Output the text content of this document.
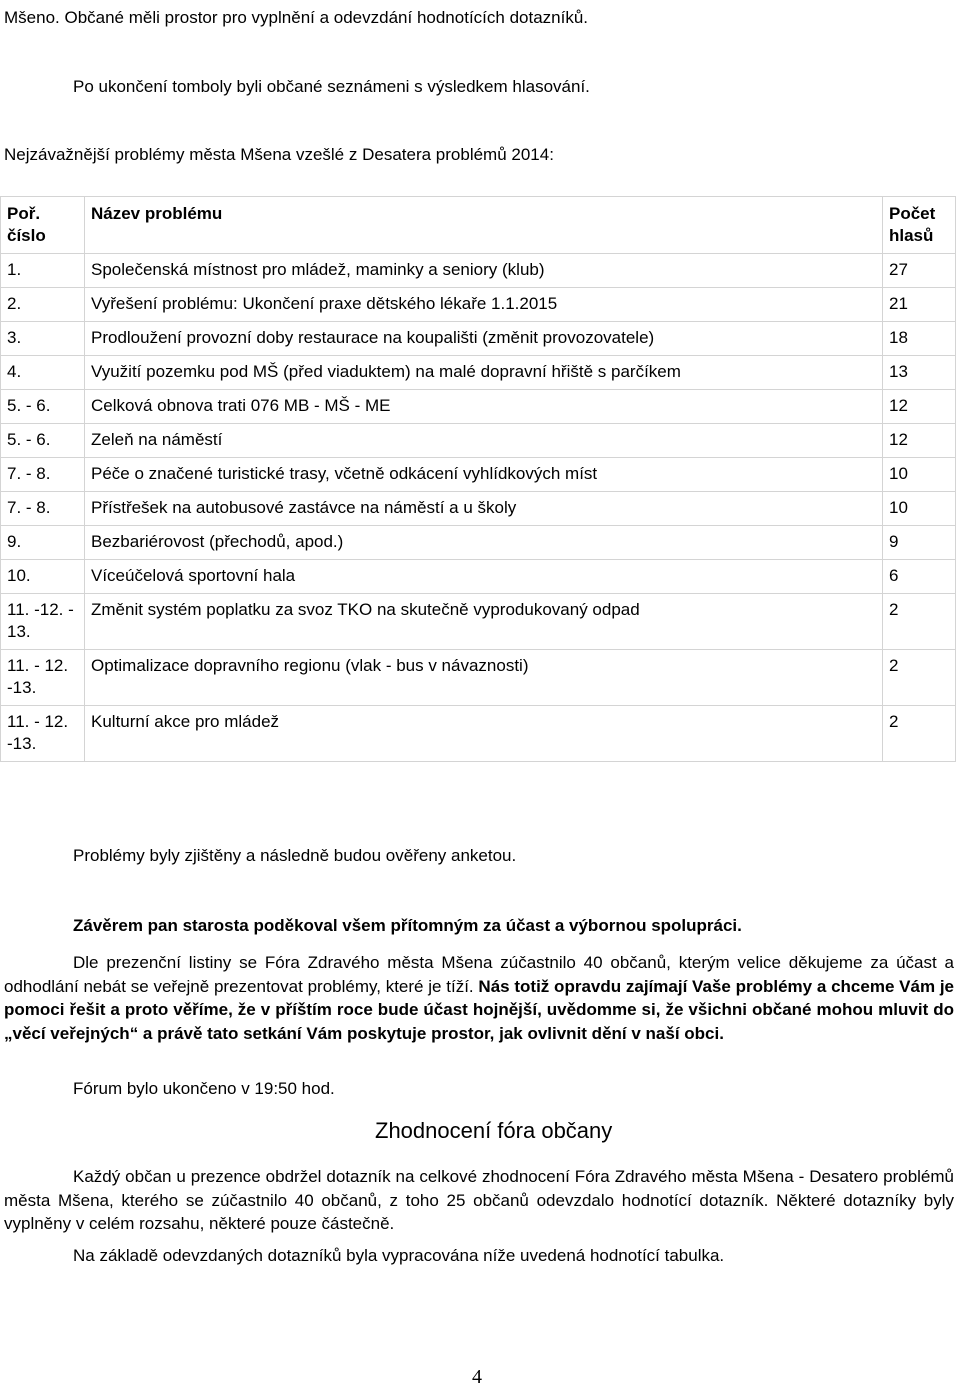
Mšeno. Občané měli prostor pro vyplnění a odevzdání hodnotících dotazníků.
Po ukončení tomboly byli občané seznámeni s výsledkem hlasování.
Nejzávažnější problémy města Mšena vzešlé z Desatera problémů 2014:
Poř. číslo	Název problému	Počet hlasů
1.	Společenská místnost pro mládež, maminky a seniory (klub)	27
2.	Vyřešení problému: Ukončení praxe dětského lékaře 1.1.2015	21
3.	Prodloužení provozní doby restaurace na koupališti (změnit provozovatele)	18
4.	Využití pozemku pod MŠ (před viaduktem) na malé dopravní hřiště s parčíkem	13
5. - 6.	Celková obnova trati 076 MB - MŠ - ME	12
5. - 6.	Zeleň na náměstí	12
7. - 8.	Péče o značené turistické trasy, včetně odkácení vyhlídkových míst	10
7. - 8.	Přístřešek na autobusové zastávce na náměstí a u školy	10
9.	Bezbariérovost (přechodů, apod.)	9
10.	Víceúčelová sportovní hala	6
11. -12. - 13.	Změnit systém poplatku za svoz TKO na skutečně vyprodukovaný odpad	2
11. - 12. -13.	Optimalizace dopravního regionu (vlak - bus v návaznosti)	2
11. - 12. -13.	Kulturní akce pro mládež	2
Problémy byly zjištěny a následně budou ověřeny anketou.
Závěrem pan starosta poděkoval všem přítomným za účast a výbornou spolupráci.
Dle prezenční listiny se Fóra Zdravého města Mšena zúčastnilo 40 občanů, kterým velice děkujeme za účast a odhodlání nebát se veřejně prezentovat problémy, které je tíží. Nás totiž opravdu zajímají Vaše problémy a chceme Vám je pomoci řešit a proto věříme, že v příštím roce bude účast hojnější, uvědomme si, že všichni občané mohou mluvit do „věcí veřejných“ a právě tato setkání Vám poskytuje prostor, jak ovlivnit dění v naší obci.
Fórum bylo ukončeno v 19:50 hod.
Zhodnocení fóra občany
Každý občan u prezence obdržel dotazník na celkové zhodnocení Fóra Zdravého města Mšena - Desatero problémů města Mšena, kterého se zúčastnilo 40 občanů, z toho 25 občanů odevzdalo hodnotící dotazník. Některé dotazníky byly vyplněny v celém rozsahu, některé pouze částečně.
Na základě odevzdaných dotazníků byla vypracována níže uvedená hodnotící tabulka.
4
